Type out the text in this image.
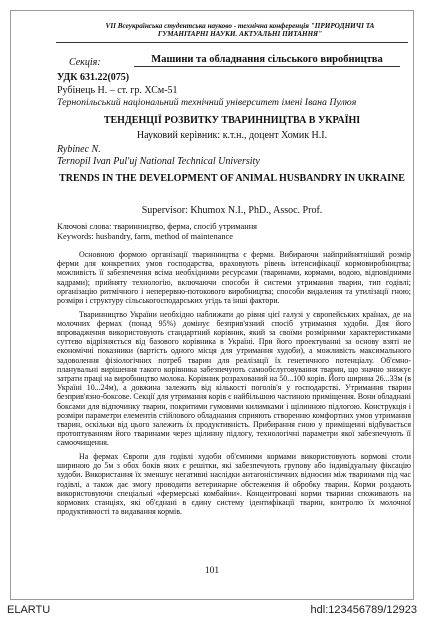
VII Всеукраїнська студентська науково - технічна конференція "ПРИРОДНИЧІ ТА ГУМАНІТАРНІ НАУКИ. АКТУАЛЬНІ ПИТАННЯ"
Секція:	Машини та обладнання сільського виробництва
УДК 631.22(075)
Рубінець Н. – ст. гр. ХСм-51
Тернопільський національний технічний університет імені Івана Пулюя
ТЕНДЕНЦІЇ РОЗВИТКУ ТВАРИННИЦТВА В УКРАЇНІ
Науковий керівник: к.т.н., доцент Хомик Н.І.
Rybinec N.
Ternopil Ivan Pul'uj National Technical University
TRENDS IN THE DEVELOPMENT OF ANIMAL HUSBANDRY IN UKRAINE
Supervisor: Khumox N.I., PhD., Assoc. Prof.
Ключові слова: тваринництво, ферма, спосіб утримання
Keywords: husbandry, farm, method of maintenance

Основною формою організації тваринництва є ферми. Вибираючи найприйнятніший розмір ферми для конкретних умов господарства, враховують рівень інтенсифікації кормовиробництва; можливість її забезпечення всіма необхідними ресурсами (тваринами, кормами, водою, відповідними кадрами); прийняту технологію, включаючи способи й системи утримання тварин, тип годівлі; організацію ритмічного і неперервно-потокового виробництва; способи видалення та утилізації гною; розміри і структуру сільськогосподарських угідь та інші фактори.

Тваринництво України необхідно наближати до рівня цієї галузі у європейських країнах, де на молочних фермах (понад 95%) домінує безприв'язний спосіб утримання худоби. Для його впровадження використовують стандартний корівник, який за своїми розмірними характеристиками суттєво відрізняється від базового корівника в Україні. При його проектуванні за основу взяті не економічні показники (вартість одного місця для утримання худоби), а можливість максимального задоволення фізіологічних потреб тварин для реалізації їх генетичного потенціалу. Об'ємно-планувальні вирішення такого корівника забезпечують самообслуговування тварин, що значно знижує затрати праці на виробництво молока. Корівник розрахований на 50...100 корів. Його ширина 26...33м (в Україні 10...24м), а довжина залежить від кількості поголів'я у господарстві. Утримання тварин безприв'язно-боксове. Секції для утримання корів є найбільшою частиною приміщення. Вони обладнані боксами для відпочинку тварин, покритими гумовими килимками і щілинною підлогою. Конструкція і розміри параметри елементів стійлового обладнання сприяють створенню комфортних умов утримання тварин, оскільки від цього залежить їх продуктивність. Прибирання гною у приміщенні відбувається протоптуванням його тваринами через щілинну підлогу, технологічні параметри якої забезпечують її самоочищення.

На фермах Європи для годівлі худоби об'ємними кормами використовують кормові столи шириною до 5м з обох боків яких є решітки, які забезпечують групову або індивідуальну фіксацію худоби. Використання їх зменшує негативні наслідки антагоністичних відносин між тваринами під час годівлі, а також дає змогу проводити ветеринарне обстеження й обробку тварин. Корми роздають використовуючи спеціальні «фермерські комбайни». Концентровані корми тварини споживають на кормових станціях, які об'єднані в єдину систему ідентифікації тварин, контролю їх молочної продуктивності та видавання кормів.

101
ELARTU	hdl:123456789/12923
